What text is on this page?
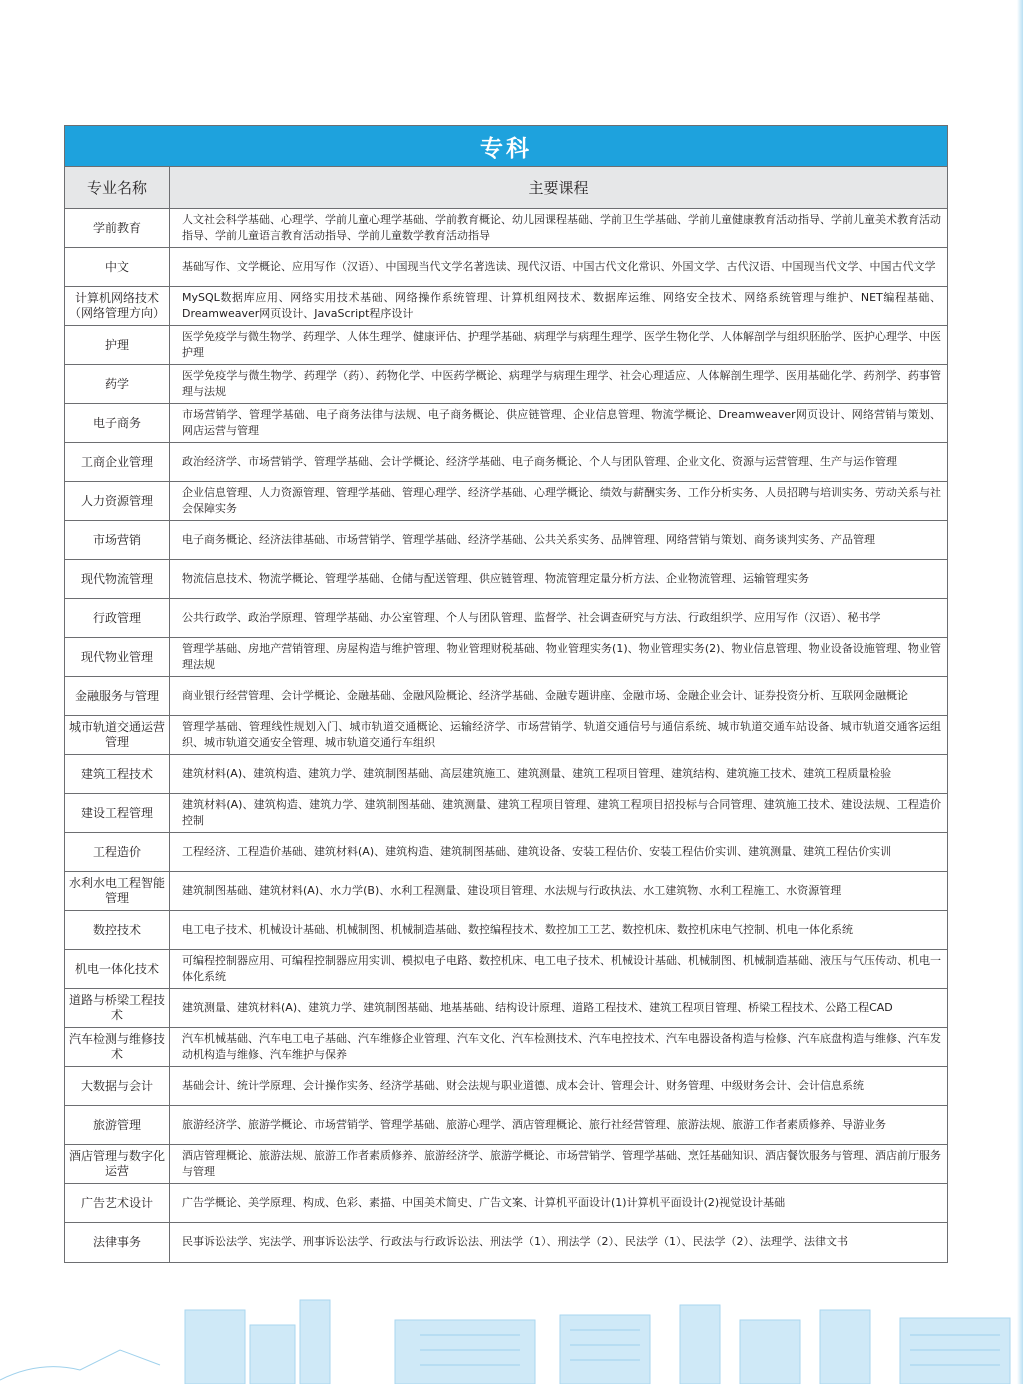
专科
专业名称	主要课程
学前教育	人文社会科学基础、心理学、学前儿童心理学基础、学前教育概论、幼儿园课程基础、学前卫生学基础、学前儿童健康教育活动指导、学前儿童美术教育活动指导、学前儿童语言教育活动指导、学前儿童数学教育活动指导
中文	基础写作、文学概论、应用写作（汉语）、中国现当代文学名著选读、现代汉语、中国古代文化常识、外国文学、古代汉语、中国现当代文学、中国古代文学
计算机网络技术（网络管理方向）	MySQL数据库应用、网络实用技术基础、网络操作系统管理、计算机组网技术、数据库运维、网络安全技术、网络系统管理与维护、NET编程基础、Dreamweaver网页设计、JavaScript程序设计
护理	医学免疫学与微生物学、药理学、人体生理学、健康评估、护理学基础、病理学与病理生理学、医学生物化学、人体解剖学与组织胚胎学、医护心理学、中医护理
药学	医学免疫学与微生物学、药理学（药）、药物化学、中医药学概论、病理学与病理生理学、社会心理适应、人体解剖生理学、医用基础化学、药剂学、药事管理与法规
电子商务	市场营销学、管理学基础、电子商务法律与法规、电子商务概论、供应链管理、企业信息管理、物流学概论、Dreamweaver网页设计、网络营销与策划、网店运营与管理
工商企业管理	政治经济学、市场营销学、管理学基础、会计学概论、经济学基础、电子商务概论、个人与团队管理、企业文化、资源与运营管理、生产与运作管理
人力资源管理	企业信息管理、人力资源管理、管理学基础、管理心理学、经济学基础、心理学概论、绩效与薪酬实务、工作分析实务、人员招聘与培训实务、劳动关系与社会保障实务
市场营销	电子商务概论、经济法律基础、市场营销学、管理学基础、经济学基础、公共关系实务、品牌管理、网络营销与策划、商务谈判实务、产品管理
现代物流管理	物流信息技术、物流学概论、管理学基础、仓储与配送管理、供应链管理、物流管理定量分析方法、企业物流管理、运输管理实务
行政管理	公共行政学、政治学原理、管理学基础、办公室管理、个人与团队管理、监督学、社会调查研究与方法、行政组织学、应用写作（汉语）、秘书学
现代物业管理	管理学基础、房地产营销管理、房屋构造与维护管理、物业管理财税基础、物业管理实务(1)、物业管理实务(2)、物业信息管理、物业设备设施管理、物业管理法规
金融服务与管理	商业银行经营管理、会计学概论、金融基础、金融风险概论、经济学基础、金融专题讲座、金融市场、金融企业会计、证券投资分析、互联网金融概论
城市轨道交通运营管理	管理学基础、管理线性规划入门、城市轨道交通概论、运输经济学、市场营销学、轨道交通信号与通信系统、城市轨道交通车站设备、城市轨道交通客运组织、城市轨道交通安全管理、城市轨道交通行车组织
建筑工程技术	建筑材料(A)、建筑构造、建筑力学、建筑制图基础、高层建筑施工、建筑测量、建筑工程项目管理、建筑结构、建筑施工技术、建筑工程质量检验
建设工程管理	建筑材料(A)、建筑构造、建筑力学、建筑制图基础、建筑测量、建筑工程项目管理、建筑工程项目招投标与合同管理、建筑施工技术、建设法规、工程造价控制
工程造价	工程经济、工程造价基础、建筑材料(A)、建筑构造、建筑制图基础、建筑设备、安装工程估价、安装工程估价实训、建筑测量、建筑工程估价实训
水利水电工程智能管理	建筑制图基础、建筑材料(A)、水力学(B)、水利工程测量、建设项目管理、水法规与行政执法、水工建筑物、水利工程施工、水资源管理
数控技术	电工电子技术、机械设计基础、机械制图、机械制造基础、数控编程技术、数控加工工艺、数控机床、数控机床电气控制、机电一体化系统
机电一体化技术	可编程控制器应用、可编程控制器应用实训、模拟电子电路、数控机床、电工电子技术、机械设计基础、机械制图、机械制造基础、液压与气压传动、机电一体化系统
道路与桥梁工程技术	建筑测量、建筑材料(A)、建筑力学、建筑制图基础、地基基础、结构设计原理、道路工程技术、建筑工程项目管理、桥梁工程技术、公路工程CAD
汽车检测与维修技术	汽车机械基础、汽车电工电子基础、汽车维修企业管理、汽车文化、汽车检测技术、汽车电控技术、汽车电器设备构造与检修、汽车底盘构造与维修、汽车发动机构造与维修、汽车维护与保养
大数据与会计	基础会计、统计学原理、会计操作实务、经济学基础、财会法规与职业道德、成本会计、管理会计、财务管理、中级财务会计、会计信息系统
旅游管理	旅游经济学、旅游学概论、市场营销学、管理学基础、旅游心理学、酒店管理概论、旅行社经营管理、旅游法规、旅游工作者素质修养、导游业务
酒店管理与数字化运营	酒店管理概论、旅游法规、旅游工作者素质修养、旅游经济学、旅游学概论、市场营销学、管理学基础、烹饪基础知识、酒店餐饮服务与管理、酒店前厅服务与管理
广告艺术设计	广告学概论、美学原理、构成、色彩、素描、中国美术简史、广告文案、计算机平面设计(1)计算机平面设计(2)视觉设计基础
法律事务	民事诉讼法学、宪法学、刑事诉讼法学、行政法与行政诉讼法、刑法学（1）、刑法学（2）、民法学（1）、民法学（2）、法理学、法律文书
